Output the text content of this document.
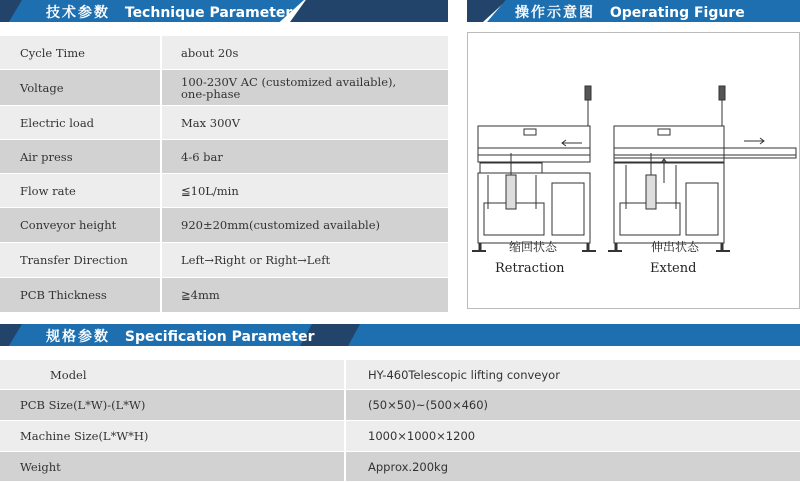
技术参数 Technique Parameter	操作示意图 Operating Figure
Cycle Time	about 20s
Voltage	100-230V AC (customized available),
one-phase
Electric load	Max 300V
Air press	4-6 bar
Flow rate	≦10L/min
Conveyor height	920±20mm(customized available)
Transfer Direction	Left→Right or Right→Left
PCB Thickness	≧4mm
缩回状态
Retraction
伸出状态
Extend
规格参数 Specification Parameter
Model	HY-460Telescopic lifting conveyor
PCB Size(L*W)-(L*W)	(50×50)~(500×460)
Machine Size(L*W*H)	1000×1000×1200
Weight	Approx.200kg
